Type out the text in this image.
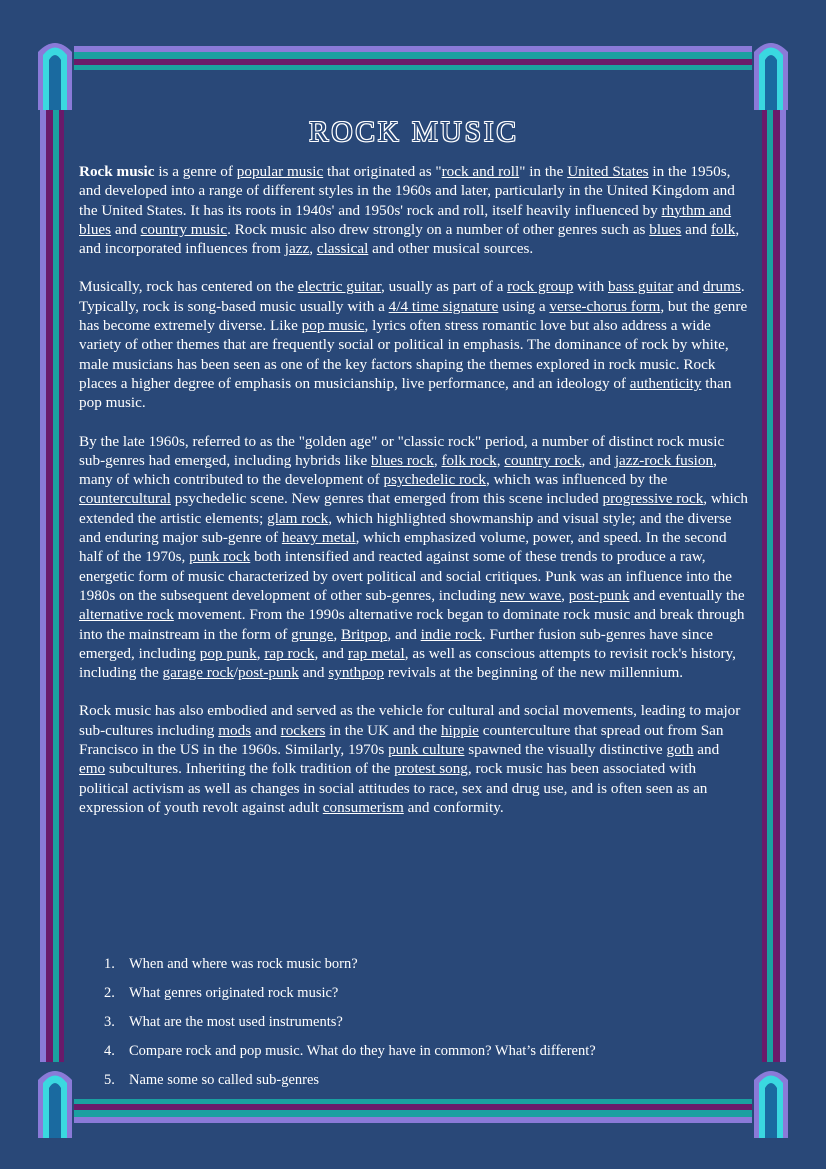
ROCK MUSIC

Rock music is a genre of popular music that originated as "rock and roll" in the United States in the 1950s, and developed into a range of different styles in the 1960s and later, particularly in the United Kingdom and the United States. It has its roots in 1940s' and 1950s' rock and roll, itself heavily influenced by rhythm and blues and country music. Rock music also drew strongly on a number of other genres such as blues and folk, and incorporated influences from jazz, classical and other musical sources.

Musically, rock has centered on the electric guitar, usually as part of a rock group with bass guitar and drums. Typically, rock is song-based music usually with a 4/4 time signature using a verse-chorus form, but the genre has become extremely diverse. Like pop music, lyrics often stress romantic love but also address a wide variety of other themes that are frequently social or political in emphasis. The dominance of rock by white, male musicians has been seen as one of the key factors shaping the themes explored in rock music. Rock places a higher degree of emphasis on musicianship, live performance, and an ideology of authenticity than pop music.

By the late 1960s, referred to as the "golden age" or "classic rock" period, a number of distinct rock music sub-genres had emerged, including hybrids like blues rock, folk rock, country rock, and jazz-rock fusion, many of which contributed to the development of psychedelic rock, which was influenced by the countercultural psychedelic scene. New genres that emerged from this scene included progressive rock, which extended the artistic elements; glam rock, which highlighted showmanship and visual style; and the diverse and enduring major sub-genre of heavy metal, which emphasized volume, power, and speed. In the second half of the 1970s, punk rock both intensified and reacted against some of these trends to produce a raw, energetic form of music characterized by overt political and social critiques. Punk was an influence into the 1980s on the subsequent development of other sub-genres, including new wave, post-punk and eventually the alternative rock movement. From the 1990s alternative rock began to dominate rock music and break through into the mainstream in the form of grunge, Britpop, and indie rock. Further fusion sub-genres have since emerged, including pop punk, rap rock, and rap metal, as well as conscious attempts to revisit rock's history, including the garage rock/post-punk and synthpop revivals at the beginning of the new millennium.

Rock music has also embodied and served as the vehicle for cultural and social movements, leading to major sub-cultures including mods and rockers in the UK and the hippie counterculture that spread out from San Francisco in the US in the 1960s. Similarly, 1970s punk culture spawned the visually distinctive goth and emo subcultures. Inheriting the folk tradition of the protest song, rock music has been associated with political activism as well as changes in social attitudes to race, sex and drug use, and is often seen as an expression of youth revolt against adult consumerism and conformity.

1. When and where was rock music born?
2. What genres originated rock music?
3. What are the most used instruments?
4. Compare rock and pop music. What do they have in common? What’s different?
5. Name some so called sub-genres
